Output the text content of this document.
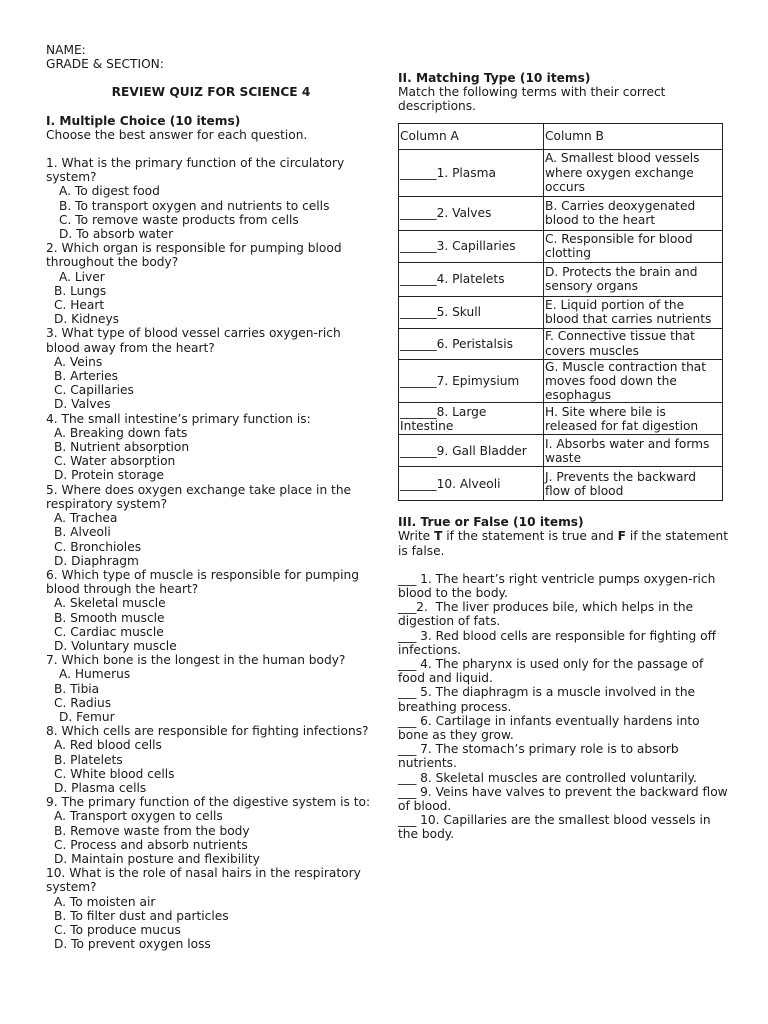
NAME:
GRADE & SECTION:
REVIEW QUIZ FOR SCIENCE 4
I. Multiple Choice (10 items)
Choose the best answer for each question.
1. What is the primary function of the circulatory system?
A. To digest food
B. To transport oxygen and nutrients to cells
C. To remove waste products from cells
D. To absorb water
2. Which organ is responsible for pumping blood throughout the body?
A. Liver
B. Lungs
C. Heart
D. Kidneys
3. What type of blood vessel carries oxygen-rich blood away from the heart?
A. Veins
B. Arteries
C. Capillaries
D. Valves
4. The small intestine’s primary function is:
A. Breaking down fats
B. Nutrient absorption
C. Water absorption
D. Protein storage
5. Where does oxygen exchange take place in the respiratory system?
A. Trachea
B. Alveoli
C. Bronchioles
D. Diaphragm
6. Which type of muscle is responsible for pumping blood through the heart?
A. Skeletal muscle
B. Smooth muscle
C. Cardiac muscle
D. Voluntary muscle
7. Which bone is the longest in the human body?
A. Humerus
B. Tibia
C. Radius
D. Femur
8. Which cells are responsible for fighting infections?
A. Red blood cells
B. Platelets
C. White blood cells
D. Plasma cells
9. The primary function of the digestive system is to:
A. Transport oxygen to cells
B. Remove waste from the body
C. Process and absorb nutrients
D. Maintain posture and flexibility
10. What is the role of nasal hairs in the respiratory system?
A. To moisten air
B. To filter dust and particles
C. To produce mucus
D. To prevent oxygen loss
II. Matching Type (10 items)
Match the following terms with their correct descriptions.
Column A	Column B
______1. Plasma	A. Smallest blood vessels where oxygen exchange occurs
______2. Valves	B. Carries deoxygenated blood to the heart
______3. Capillaries	C. Responsible for blood clotting
______4. Platelets	D. Protects the brain and sensory organs
______5. Skull	E. Liquid portion of the blood that carries nutrients
______6. Peristalsis	F. Connective tissue that covers muscles
______7. Epimysium	G. Muscle contraction that moves food down the esophagus
______8. Large Intestine	H. Site where bile is released for fat digestion
______9. Gall Bladder	I. Absorbs water and forms waste
______10. Alveoli	J. Prevents the backward flow of blood
III. True or False (10 items)
Write T if the statement is true and F if the statement is false.
___ 1. The heart’s right ventricle pumps oxygen-rich blood to the body.
___2.  The liver produces bile, which helps in the digestion of fats.
___ 3. Red blood cells are responsible for fighting off infections.
___ 4. The pharynx is used only for the passage of food and liquid.
___ 5. The diaphragm is a muscle involved in the breathing process.
___ 6. Cartilage in infants eventually hardens into bone as they grow.
___ 7. The stomach’s primary role is to absorb nutrients.
___ 8. Skeletal muscles are controlled voluntarily.
___ 9. Veins have valves to prevent the backward flow of blood.
___ 10. Capillaries are the smallest blood vessels in the body.
